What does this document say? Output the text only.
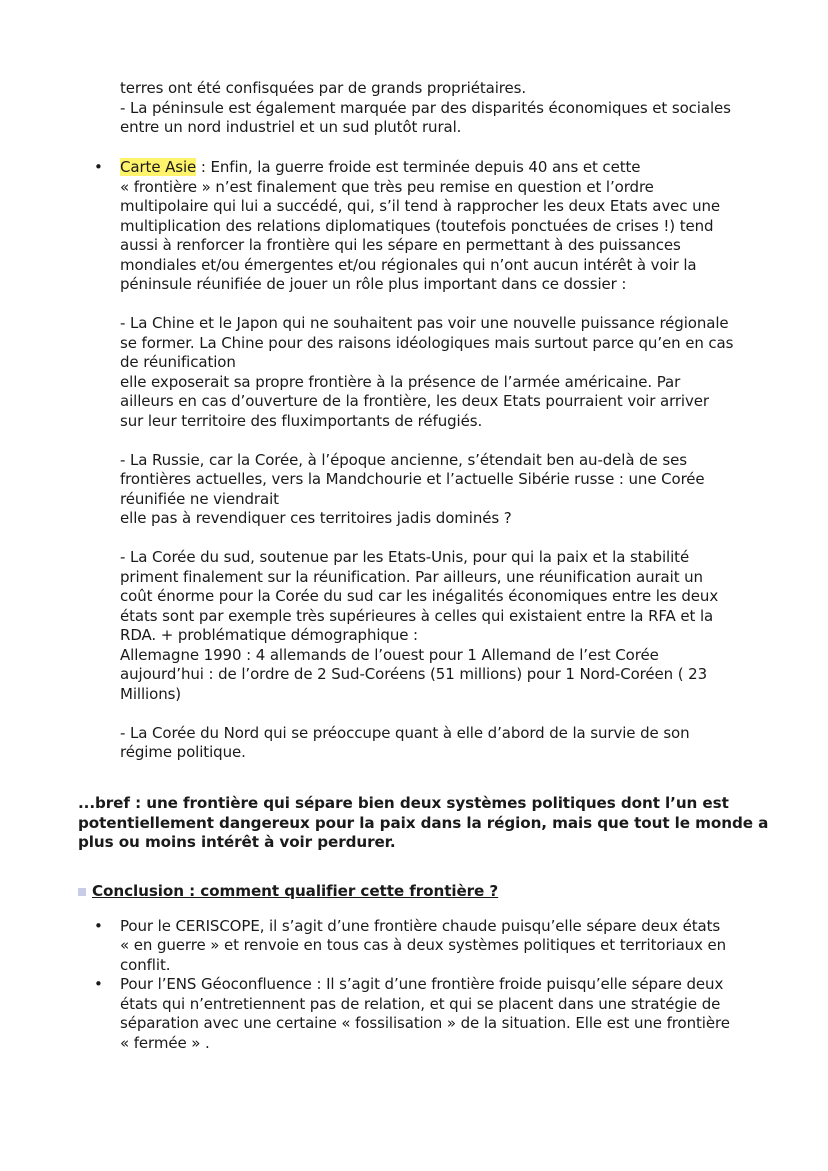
terres ont été confisquées par de grands propriétaires.
- La péninsule est également marquée par des disparités économiques et sociales
entre un nord industriel et un sud plutôt rural.
• Carte Asie : Enfin, la guerre froide est terminée depuis 40 ans et cette
« frontière » n’est finalement que très peu remise en question et l’ordre
multipolaire qui lui a succédé, qui, s’il tend à rapprocher les deux Etats avec une
multiplication des relations diplomatiques (toutefois ponctuées de crises !) tend
aussi à renforcer la frontière qui les sépare en permettant à des puissances
mondiales et/ou émergentes et/ou régionales qui n’ont aucun intérêt à voir la
péninsule réunifiée de jouer un rôle plus important dans ce dossier :
- La Chine et le Japon qui ne souhaitent pas voir une nouvelle puissance régionale
se former. La Chine pour des raisons idéologiques mais surtout parce qu’en en cas
de réunification
elle exposerait sa propre frontière à la présence de l’armée américaine. Par
ailleurs en cas d’ouverture de la frontière, les deux Etats pourraient voir arriver
sur leur territoire des fluximportants de réfugiés.
- La Russie, car la Corée, à l’époque ancienne, s’étendait ben au-delà de ses
frontières actuelles, vers la Mandchourie et l’actuelle Sibérie russe : une Corée
réunifiée ne viendrait
elle pas à revendiquer ces territoires jadis dominés ?
- La Corée du sud, soutenue par les Etats-Unis, pour qui la paix et la stabilité
priment finalement sur la réunification. Par ailleurs, une réunification aurait un
coût énorme pour la Corée du sud car les inégalités économiques entre les deux
états sont par exemple très supérieures à celles qui existaient entre la RFA et la
RDA. + problématique démographique :
Allemagne 1990 : 4 allemands de l’ouest pour 1 Allemand de l’est Corée
aujourd’hui : de l’ordre de 2 Sud-Coréens (51 millions) pour 1 Nord-Coréen ( 23
Millions)
- La Corée du Nord qui se préoccupe quant à elle d’abord de la survie de son
régime politique.
...bref : une frontière qui sépare bien deux systèmes politiques dont l’un est
potentiellement dangereux pour la paix dans la région, mais que tout le monde a
plus ou moins intérêt à voir perdurer.
Conclusion : comment qualifier cette frontière ?
• Pour le CERISCOPE, il s’agit d’une frontière chaude puisqu’elle sépare deux états
« en guerre » et renvoie en tous cas à deux systèmes politiques et territoriaux en
conflit.
• Pour l’ENS Géoconfluence : Il s’agit d’une frontière froide puisqu’elle sépare deux
états qui n’entretiennent pas de relation, et qui se placent dans une stratégie de
séparation avec une certaine « fossilisation » de la situation. Elle est une frontière
« fermée » .
